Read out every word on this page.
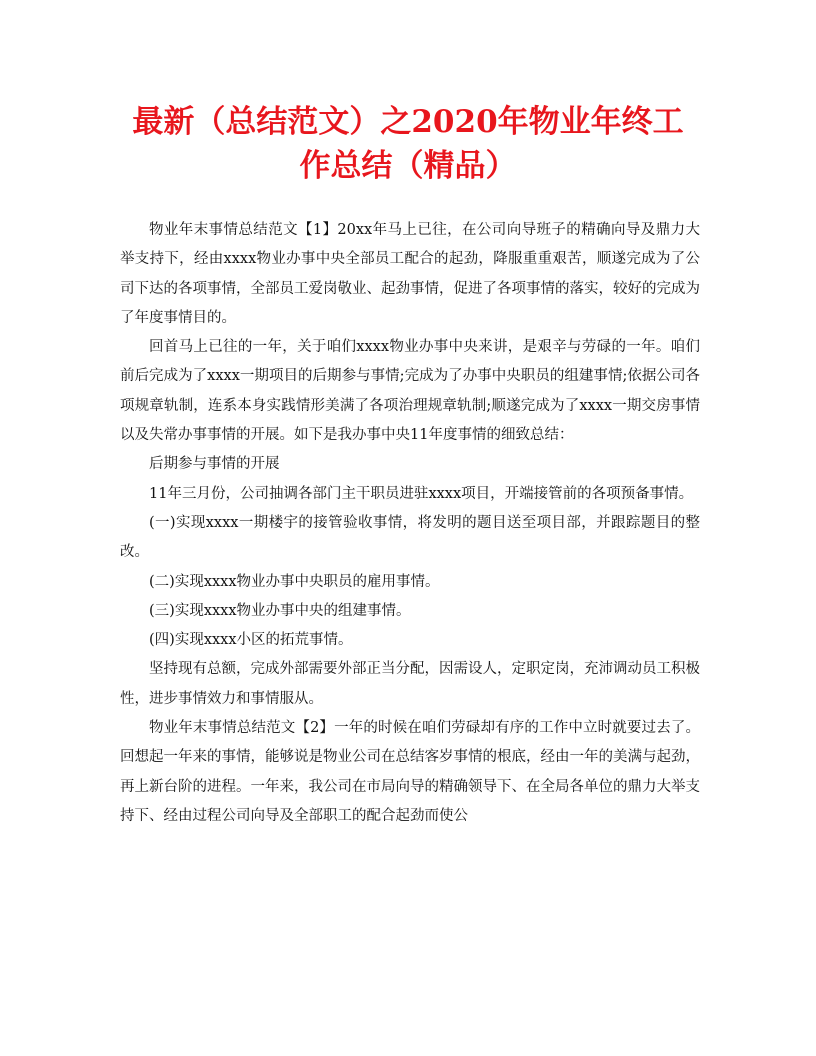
最新（总结范文）之2020年物业年终工
作总结（精品）

物业年末事情总结范文【1】20xx年马上已往，在公司向导班子的精确向导及鼎力大举支持下，经由xxxx物业办事中央全部员工配合的起劲，降服重重艰苦，顺遂完成为了公司下达的各项事情，全部员工爱岗敬业、起劲事情，促进了各项事情的落实，较好的完成为了年度事情目的。

回首马上已往的一年，关于咱们xxxx物业办事中央来讲，是艰辛与劳碌的一年。咱们前后完成为了xxxx一期项目的后期参与事情;完成为了办事中央职员的组建事情;依据公司各项规章轨制，连系本身实践情形美满了各项治理规章轨制;顺遂完成为了xxxx一期交房事情以及失常办事事情的开展。如下是我办事中央11年度事情的细致总结：

后期参与事情的开展

11年三月份，公司抽调各部门主干职员进驻xxxx项目，开端接管前的各项预备事情。

(一)实现xxxx一期楼宇的接管验收事情，将发明的题目送至项目部，并跟踪题目的整改。

(二)实现xxxx物业办事中央职员的雇用事情。

(三)实现xxxx物业办事中央的组建事情。

(四)实现xxxx小区的拓荒事情。

坚持现有总额，完成外部需要外部正当分配，因需设人，定职定岗，充沛调动员工积极性，进步事情效力和事情服从。

物业年末事情总结范文【2】一年的时候在咱们劳碌却有序的工作中立时就要过去了。回想起一年来的事情，能够说是物业公司在总结客岁事情的根底，经由一年的美满与起劲，再上新台阶的进程。一年来，我公司在市局向导的精确领导下、在全局各单位的鼎力大举支持下、经由过程公司向导及全部职工的配合起劲而使公
